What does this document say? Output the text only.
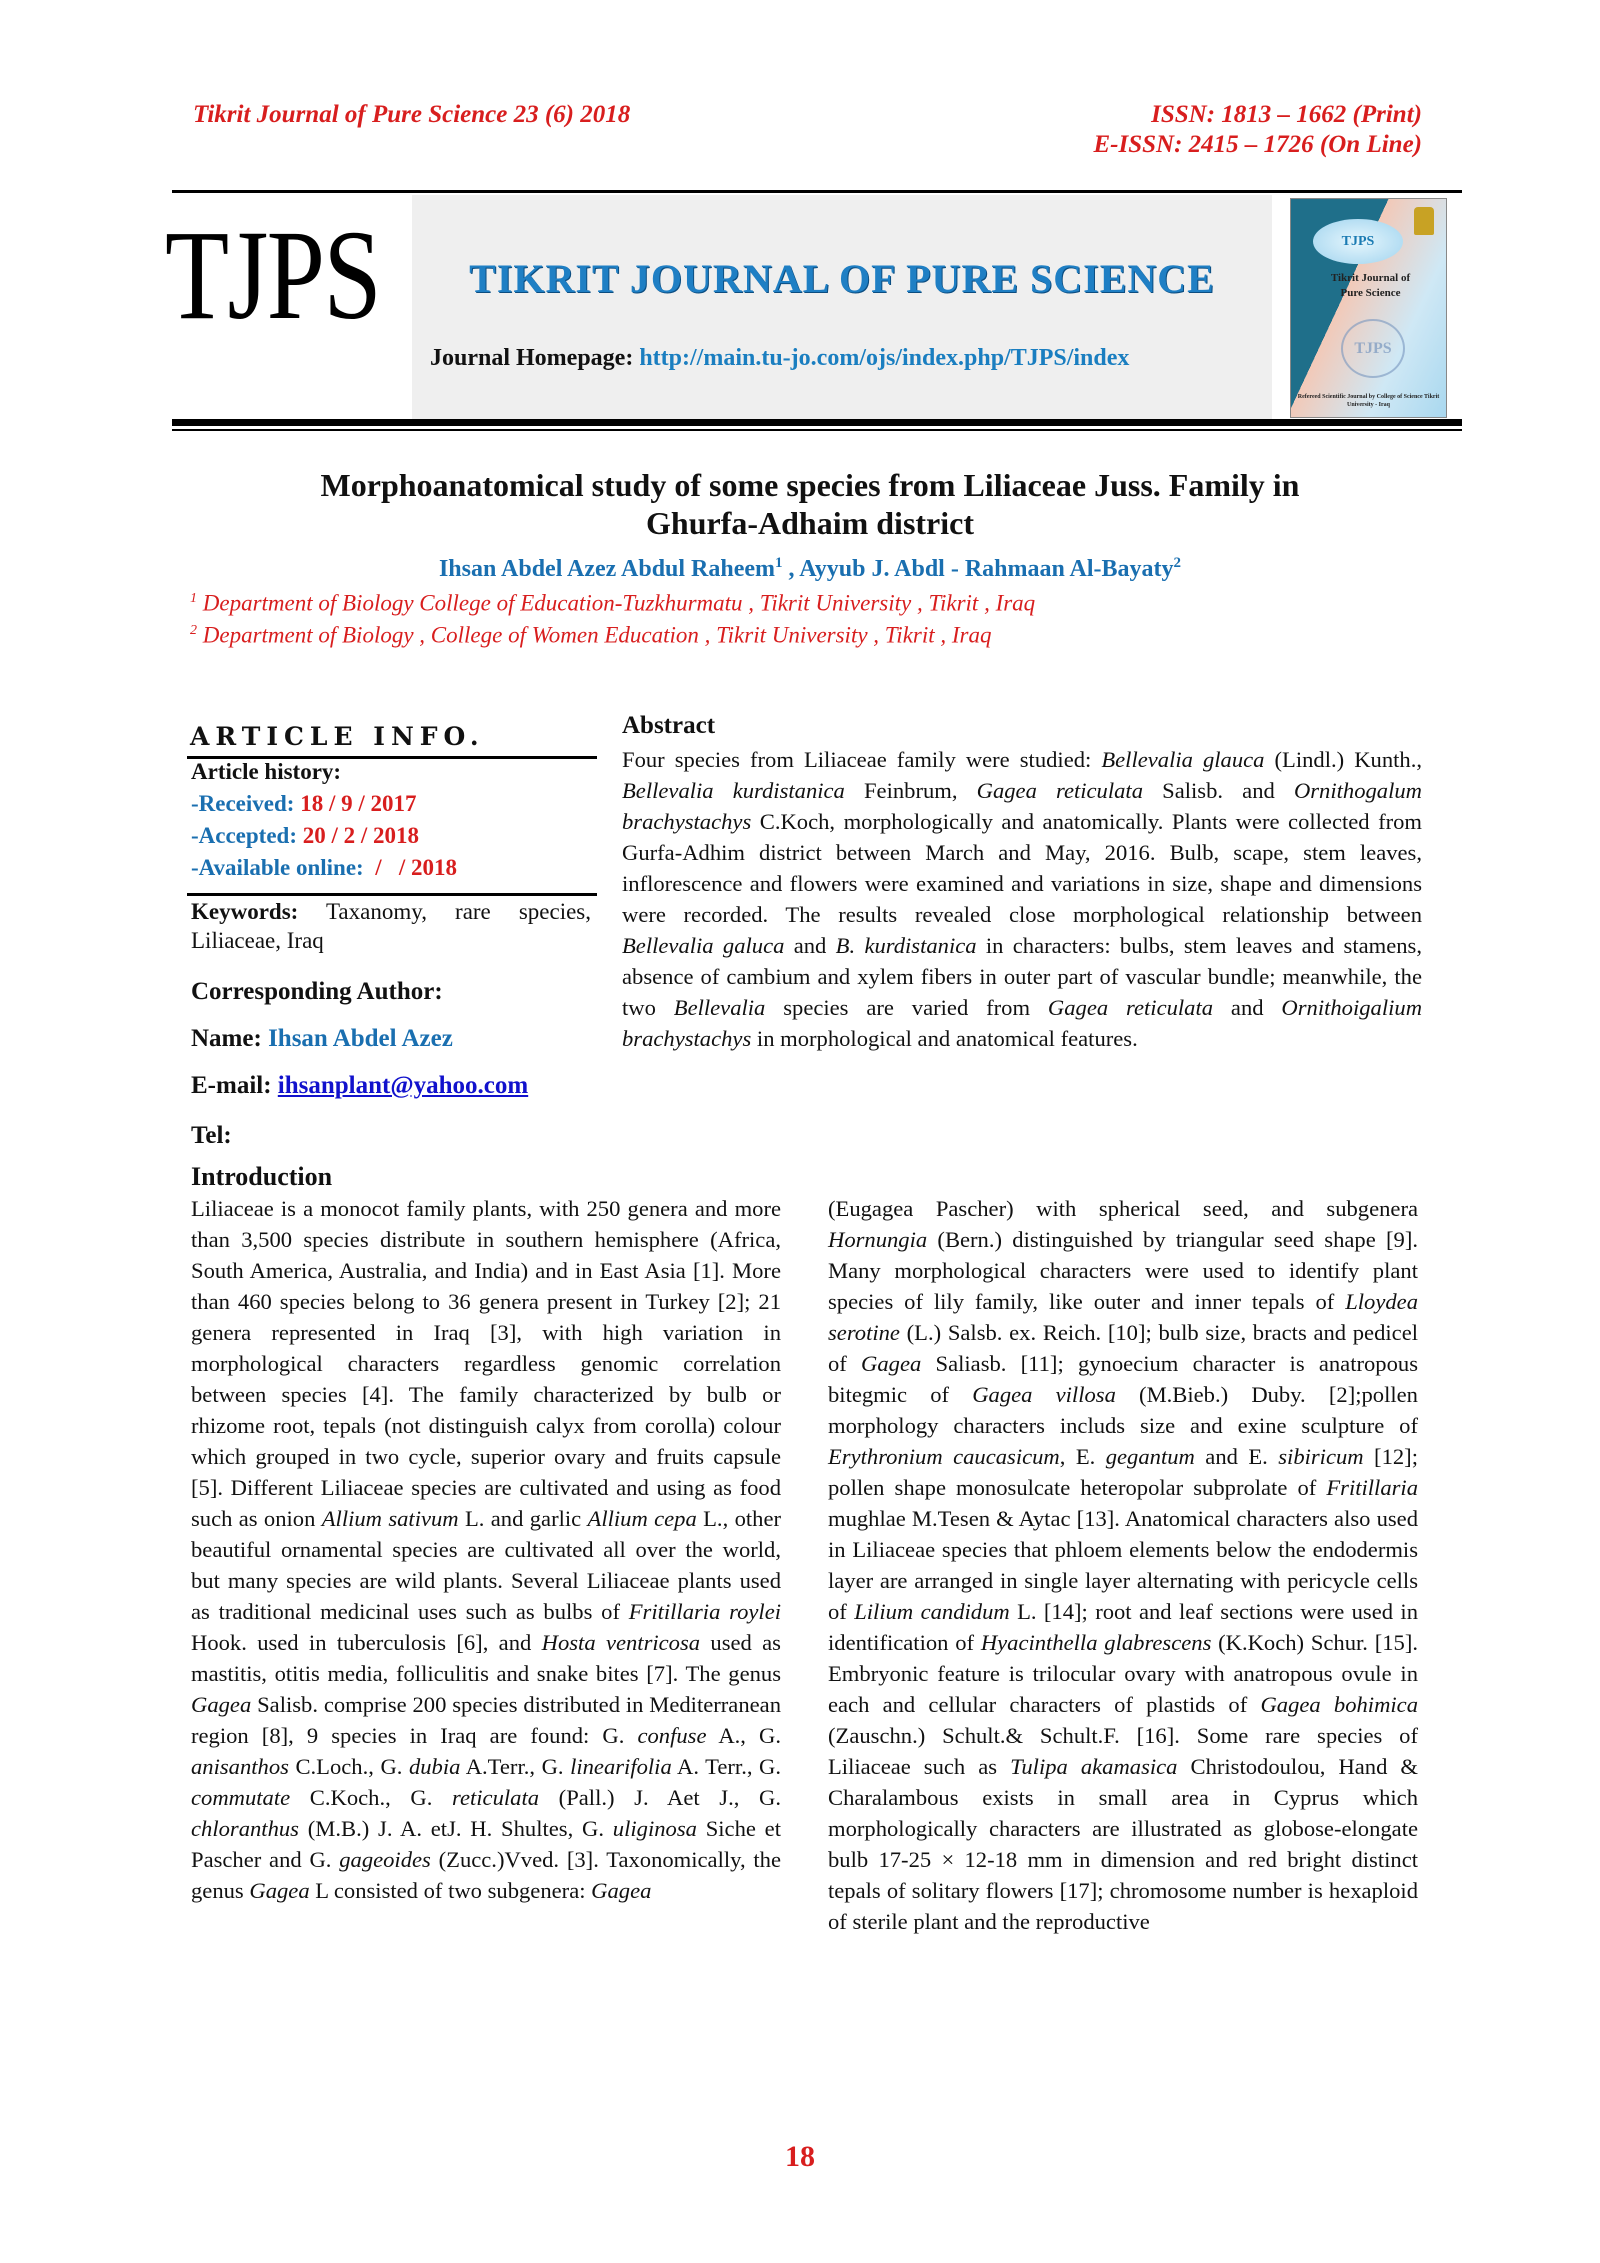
Tikrit Journal of Pure Science 23 (6) 2018	ISSN: 1813 – 1662 (Print)
E-ISSN: 2415 – 1726 (On Line)
TJPS	TIKRIT JOURNAL OF PURE SCIENCE
Journal Homepage: http://main.tu-jo.com/ojs/index.php/TJPS/index
TJPS
Tikrit Journal of
Pure Science
TJPS
Refereed Scientific Journal by College of Science Tikrit University - Iraq
Morphoanatomical study of some species from Liliaceae Juss. Family in
Ghurfa-Adhaim district
Ihsan Abdel Azez Abdul Raheem$^1$ , Ayyub J. Abdl - Rahmaan Al-Bayaty$^2$
$^1$ Department of Biology College of Education-Tuzkhurmatu , Tikrit University , Tikrit , Iraq
$^2$ Department of Biology , College of Women Education , Tikrit University , Tikrit , Iraq
ARTICLE INFO.
Article history:
-Received: 18 / 9 / 2017
-Accepted: 20 / 2 / 2018
-Available online:  /   / 2018
Keywords: Taxanomy, rare species, Liliaceae, Iraq
Corresponding Author:
Name: Ihsan Abdel Azez
E-mail: ihsanplant@yahoo.com
Tel:
Abstract
Four species from Liliaceae family were studied: Bellevalia glauca (Lindl.) Kunth., Bellevalia kurdistanica Feinbrum, Gagea reticulata Salisb. and Ornithogalum brachystachys C.Koch, morphologically and anatomically. Plants were collected from Gurfa-Adhim district between March and May, 2016. Bulb, scape, stem leaves, inflorescence and flowers were examined and variations in size, shape and dimensions were recorded. The results revealed close morphological relationship between Bellevalia galuca and B. kurdistanica in characters: bulbs, stem leaves and stamens, absence of cambium and xylem fibers in outer part of vascular bundle; meanwhile, the two Bellevalia species are varied from Gagea reticulata and Ornithoigalium brachystachys in morphological and anatomical features.
Introduction
Liliaceae is a monocot family plants, with 250 genera and more than 3,500 species distribute in southern hemisphere (Africa, South America, Australia, and India) and in East Asia [1]. More than 460 species belong to 36 genera present in Turkey [2]; 21 genera represented in Iraq [3], with high variation in morphological characters regardless genomic correlation between species [4]. The family characterized by bulb or rhizome root, tepals (not distinguish calyx from corolla) colour which grouped in two cycle, superior ovary and fruits capsule [5]. Different Liliaceae species are cultivated and using as food such as onion Allium sativum L. and garlic Allium cepa L., other beautiful ornamental species are cultivated all over the world, but many species are wild plants. Several Liliaceae plants used as traditional medicinal uses such as bulbs of Fritillaria roylei Hook. used in tuberculosis [6], and Hosta ventricosa used as mastitis, otitis media, folliculitis and snake bites [7]. The genus Gagea Salisb. comprise 200 species distributed in Mediterranean region [8], 9 species in Iraq are found: G. confuse A., G. anisanthos C.Loch., G. dubia A.Terr., G. linearifolia A. Terr., G. commutate C.Koch., G. reticulata (Pall.) J. Aet J., G. chloranthus (M.B.) J. A. etJ. H. Shultes, G. uliginosa Siche et Pascher and G. gageoides (Zucc.)Vved. [3]. Taxonomically, the genus Gagea L consisted of two subgenera: Gagea
(Eugagea Pascher) with spherical seed, and subgenera Hornungia (Bern.) distinguished by triangular seed shape [9]. Many morphological characters were used to identify plant species of lily family, like outer and inner tepals of Lloydea serotine (L.) Salsb. ex. Reich. [10]; bulb size, bracts and pedicel of Gagea Saliasb. [11]; gynoecium character is anatropous bitegmic of Gagea villosa (M.Bieb.) Duby. [2];pollen morphology characters includs size and exine sculpture of Erythronium caucasicum, E. gegantum and E. sibiricum [12]; pollen shape monosulcate heteropolar subprolate of Fritillaria mughlae M.Tesen & Aytac [13]. Anatomical characters also used in Liliaceae species that phloem elements below the endodermis layer are arranged in single layer alternating with pericycle cells of Lilium candidum L. [14]; root and leaf sections were used in identification of Hyacinthella glabrescens (K.Koch) Schur. [15]. Embryonic feature is trilocular ovary with anatropous ovule in each and cellular characters of plastids of Gagea bohimica (Zauschn.) Schult.& Schult.F. [16]. Some rare species of Liliaceae such as Tulipa akamasica Christodoulou, Hand & Charalambous exists in small area in Cyprus which morphologically characters are illustrated as globose-elongate bulb 17-25 × 12-18 mm in dimension and red bright distinct tepals of solitary flowers [17]; chromosome number is hexaploid of sterile plant and the reproductive
18
